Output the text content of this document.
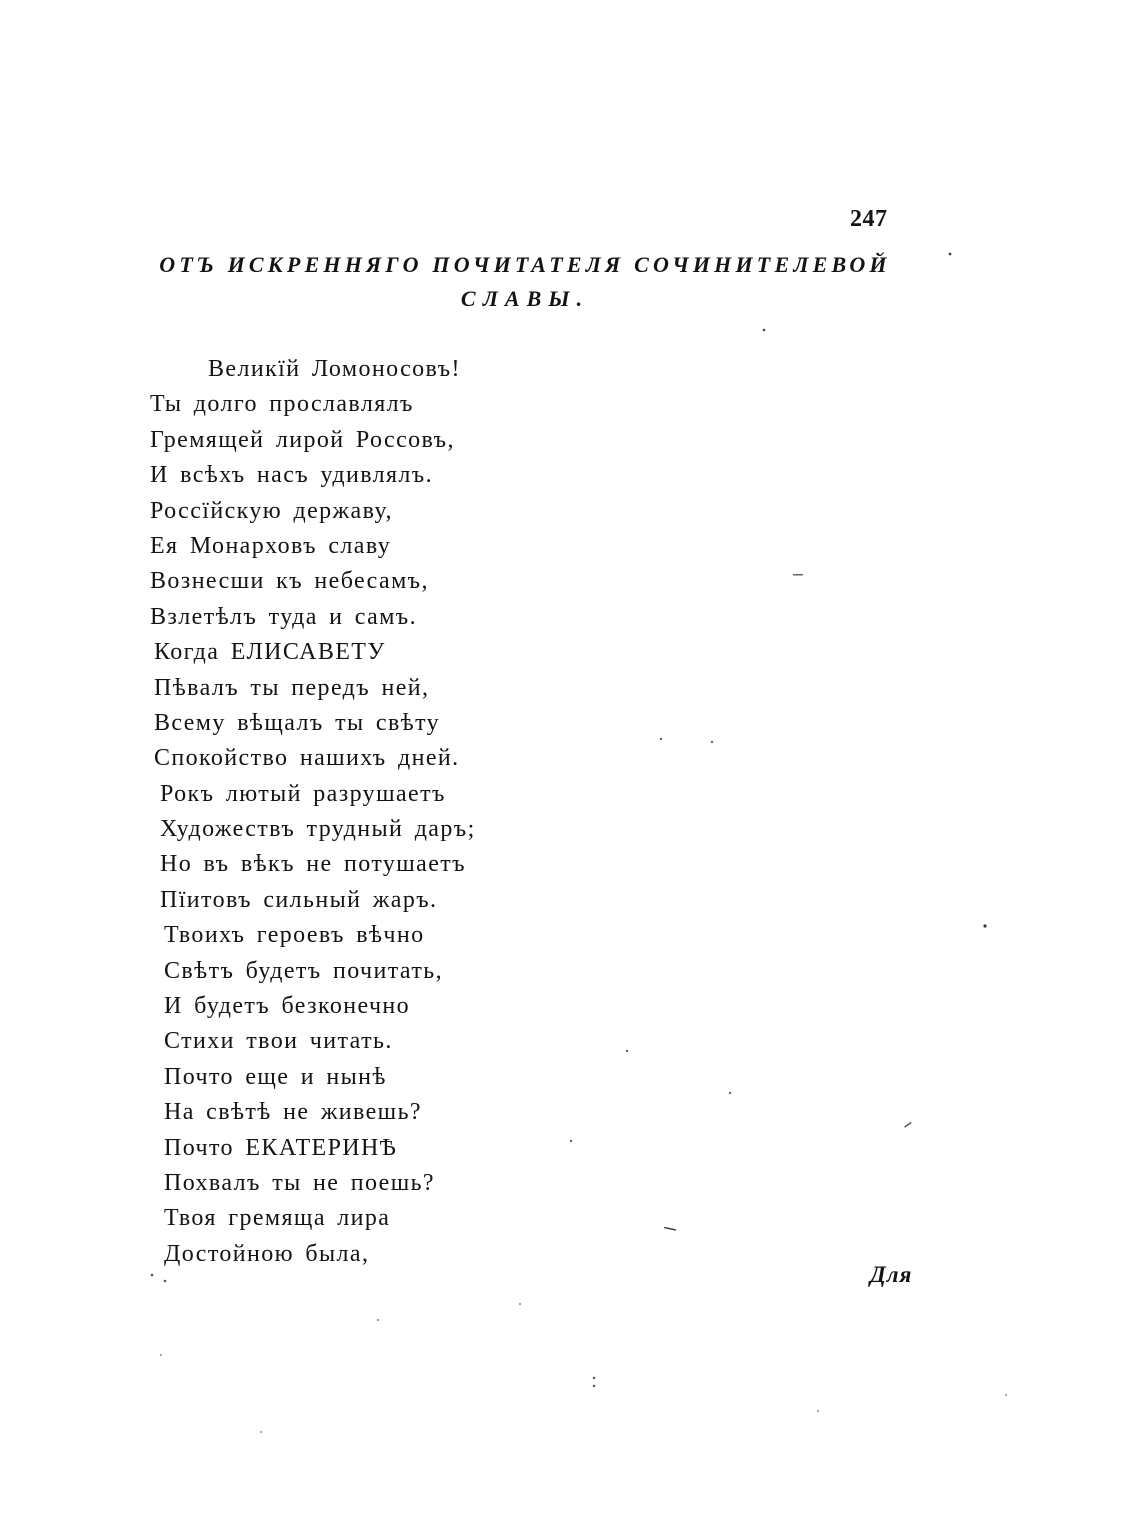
247
ОТЪ ИСКРЕННЯГО ПОЧИТАТЕЛЯ СОЧИНИТЕЛЕВОЙ
СЛАВЫ.
Великїй Ломоносовъ!
Ты долго прославлялъ
Гремящей лирой Россовъ,
И всѣхъ насъ удивлялъ.
Россїйскую державу,
Ея Монарховъ славу
Вознесши къ небесамъ,
Взлетѣлъ туда и самъ.
Когда ЕЛИСАВЕТУ
Пѣвалъ ты передъ ней,
Всему вѣщалъ ты свѣту
Спокойство нашихъ дней.
Рокъ лютый разрушаетъ
Художествъ трудный даръ;
Но въ вѣкъ не потушаетъ
Пїитовъ сильный жаръ.
Твоихъ героевъ вѣчно
Свѣтъ будетъ почитать,
И будетъ безконечно
Стихи твои читать.
Почто еще и нынѣ
На свѣтѣ не живешь?
Почто ЕКАТЕРИНѢ
Похвалъ ты не поешь?
Твоя гремяща лира
Достойною была,
Для
